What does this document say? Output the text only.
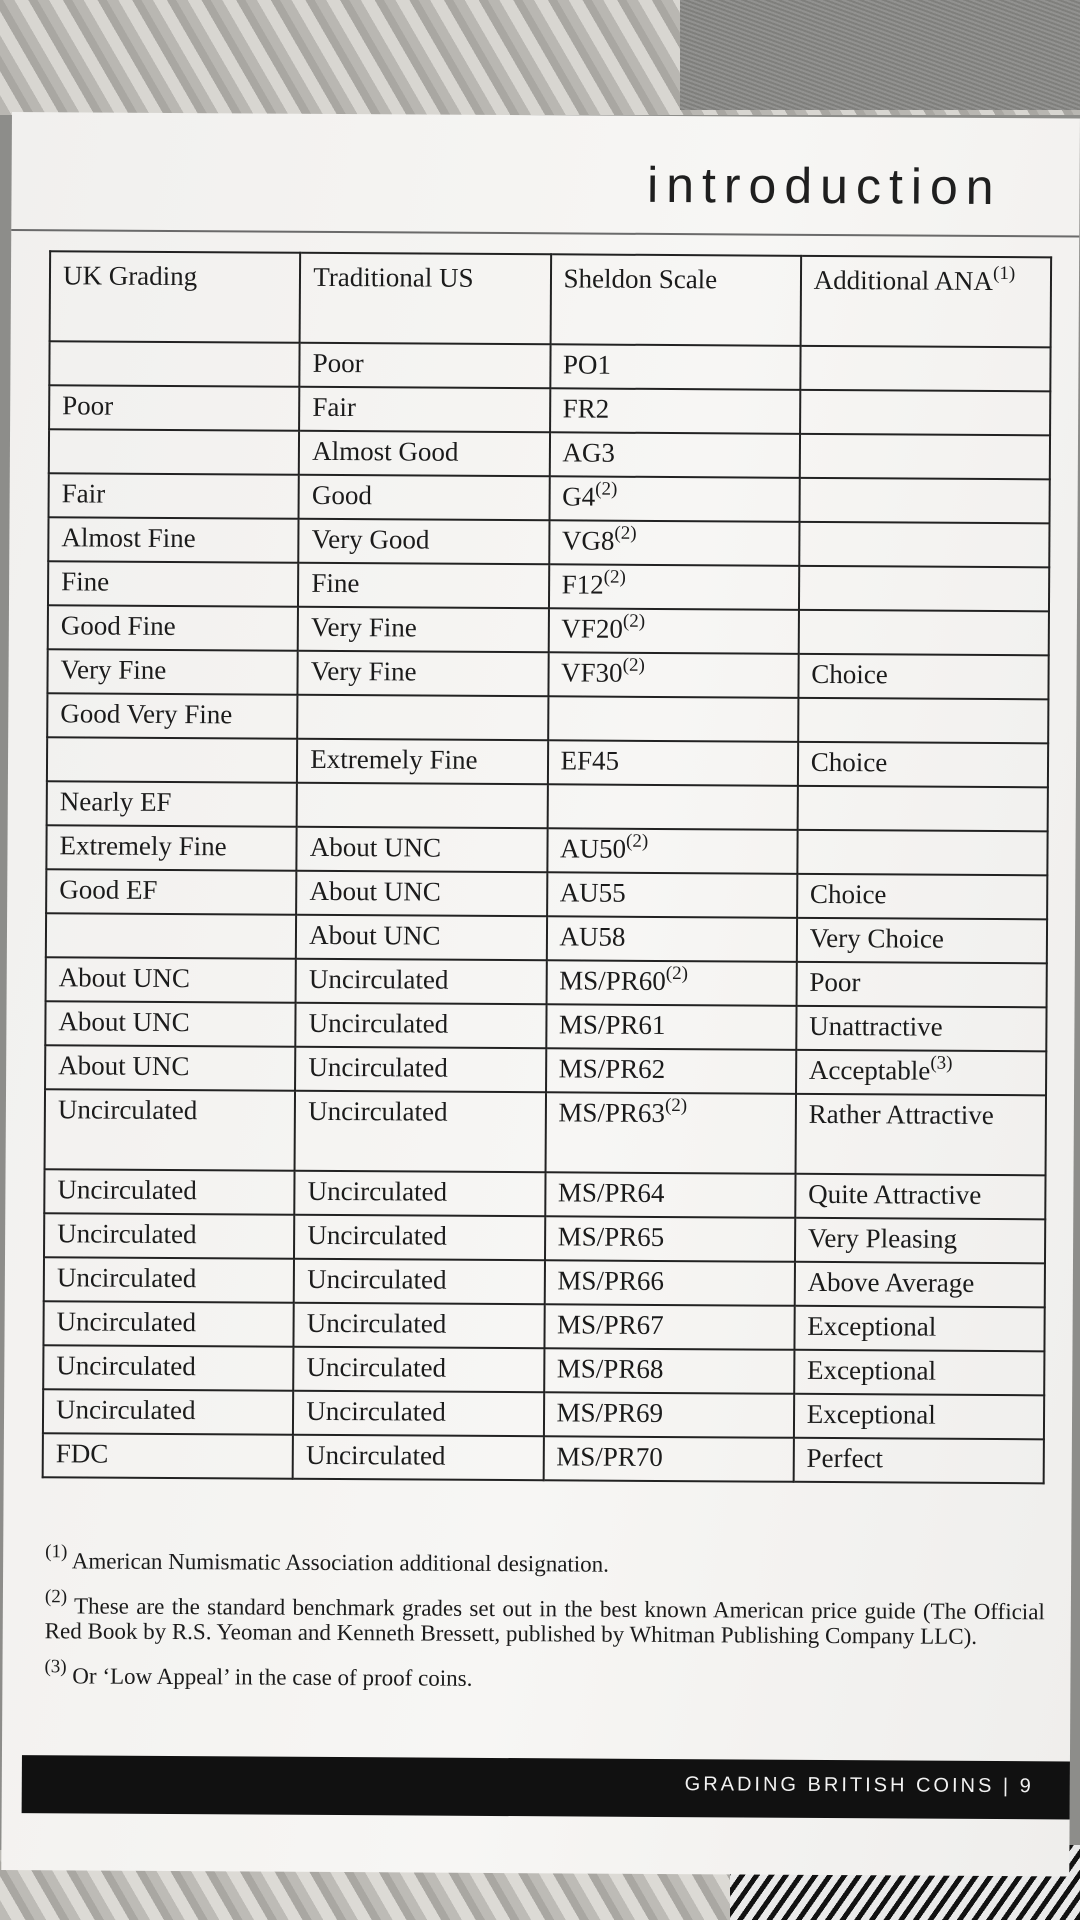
introduction
UK Grading	Traditional US	Sheldon Scale	Additional ANA$^{(1)}$
	Poor	PO1	
Poor	Fair	FR2	
	Almost Good	AG3	
Fair	Good	G4$^{(2)}$	
Almost Fine	Very Good	VG8$^{(2)}$	
Fine	Fine	F12$^{(2)}$	
Good Fine	Very Fine	VF20$^{(2)}$	
Very Fine	Very Fine	VF30$^{(2)}$	Choice
Good Very Fine			
	Extremely Fine	EF45	Choice
Nearly EF			
Extremely Fine	About UNC	AU50$^{(2)}$	
Good EF	About UNC	AU55	Choice
	About UNC	AU58	Very Choice
About UNC	Uncirculated	MS/PR60$^{(2)}$	Poor
About UNC	Uncirculated	MS/PR61	Unattractive
About UNC	Uncirculated	MS/PR62	Acceptable$^{(3)}$
Uncirculated	Uncirculated	MS/PR63$^{(2)}$	Rather Attractive
Uncirculated	Uncirculated	MS/PR64	Quite Attractive
Uncirculated	Uncirculated	MS/PR65	Very Pleasing
Uncirculated	Uncirculated	MS/PR66	Above Average
Uncirculated	Uncirculated	MS/PR67	Exceptional
Uncirculated	Uncirculated	MS/PR68	Exceptional
Uncirculated	Uncirculated	MS/PR69	Exceptional
FDC	Uncirculated	MS/PR70	Perfect

$^{(1)}$ American Numismatic Association additional designation.

$^{(2)}$ These are the standard benchmark grades set out in the best known American price guide (The Official Red Book by R.S. Yeoman and Kenneth Bressett, published by Whitman Publishing Company LLC).

$^{(3)}$ Or ‘Low Appeal’ in the case of proof coins.

GRADING BRITISH COINS | 9
